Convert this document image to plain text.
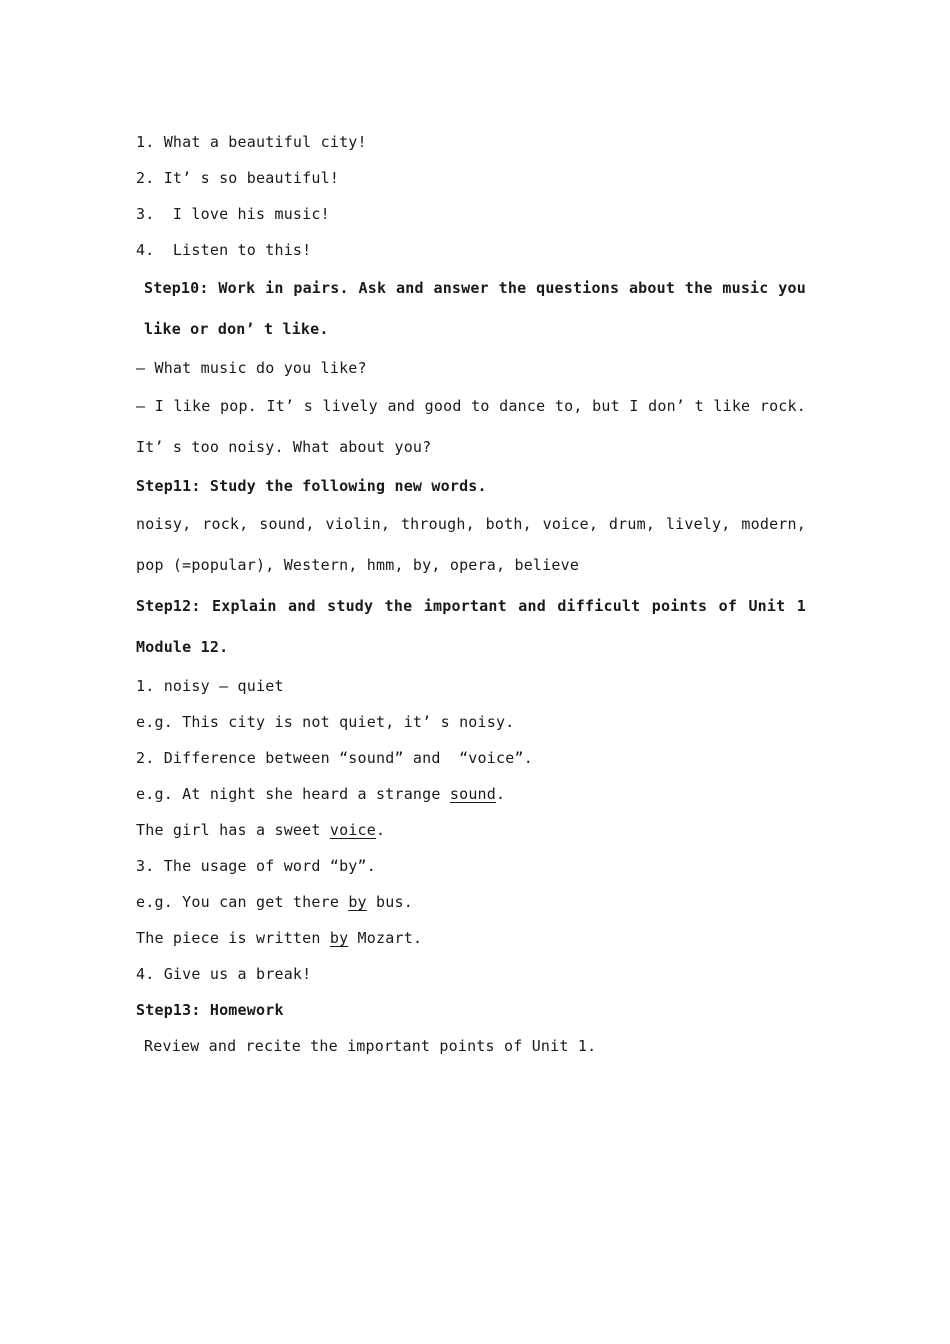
1. What a beautiful city!
2. It’ s so beautiful!
3.  I love his music!
4.  Listen to this!
Step10: Work in pairs. Ask and answer the questions about the music you like or don’ t like.
— What music do you like?
— I like pop. It’ s lively and good to dance to, but I don’ t like rock. It’ s too noisy. What about you?
Step11: Study the following new words.
noisy, rock, sound, violin, through, both, voice, drum, lively, modern, pop (=popular), Western, hmm, by, opera, believe
Step12: Explain and study the important and difficult points of Unit 1 Module 12.
1. noisy — quiet
e.g. This city is not quiet, it’ s noisy.
2. Difference between “sound” and  “voice”.
e.g. At night she heard a strange sound.
The girl has a sweet voice.
3. The usage of word “by”.
e.g. You can get there by bus.
The piece is written by Mozart.
4. Give us a break!
Step13: Homework
Review and recite the important points of Unit 1.
